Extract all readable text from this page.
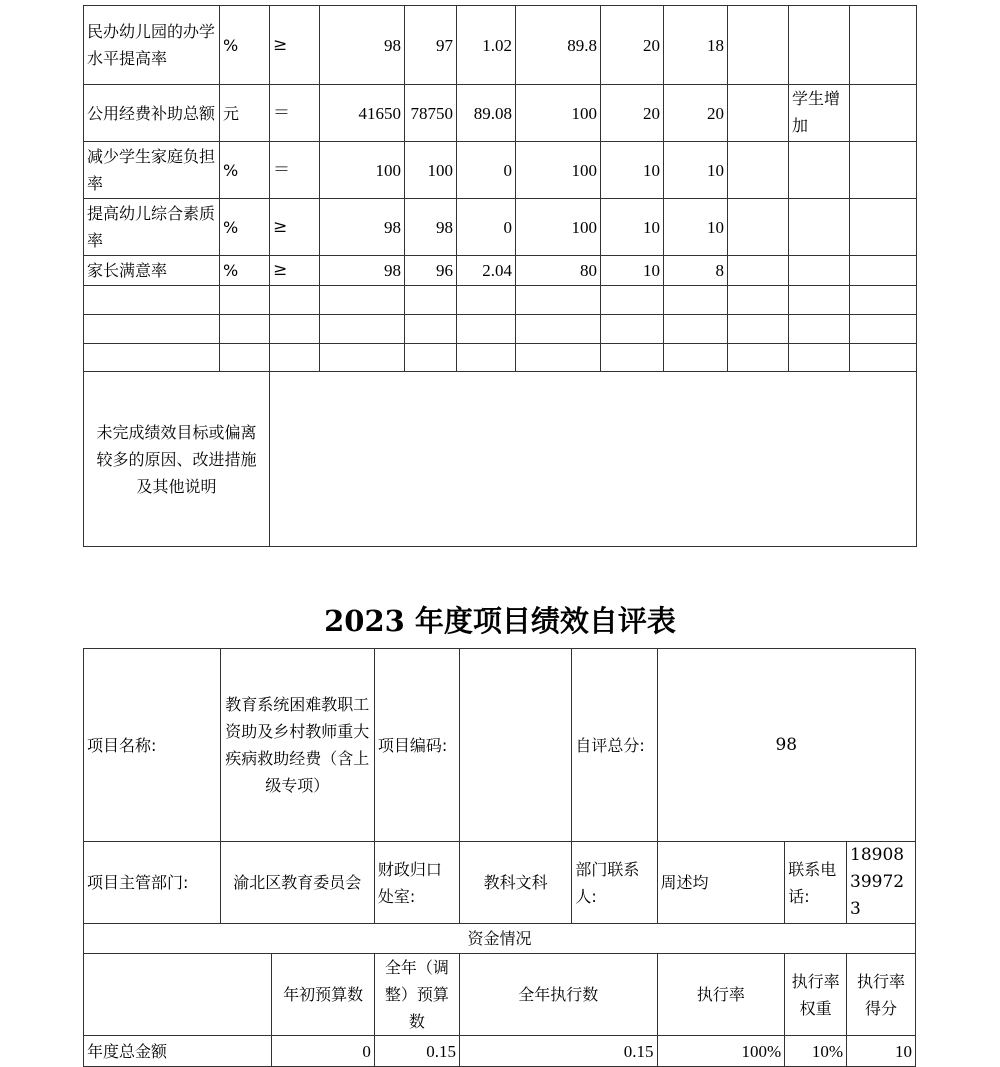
民办幼儿园的办学水平提高率	%	≥	98	97	1.02	89.8	20	18			
公用经费补助总额	元	＝	41650	78750	89.08	100	20	20		学生增加	
减少学生家庭负担率	%	＝	100	100	0	100	10	10			
提高幼儿综合素质率	%	≥	98	98	0	100	10	10			
家长满意率	%	≥	98	96	2.04	80	10	8			

未完成绩效目标或偏离较多的原因、改进措施及其他说明											
2023 年度项目绩效自评表
项目名称:	教育系统困难教职工资助及乡村教师重大疾病救助经费（含上级专项）		项目编码:		自评总分:	98		
项目主管部门:	渝北区教育委员会		财政归口处室:	教科文科	部门联系人:	周述均	联系电话:	18908399723
资金情况								
		年初预算数	全年（调整）预算数	全年执行数		执行率	执行率权重	执行率得分
年度总金额		0	0.15	0.15		100%	10%	10
